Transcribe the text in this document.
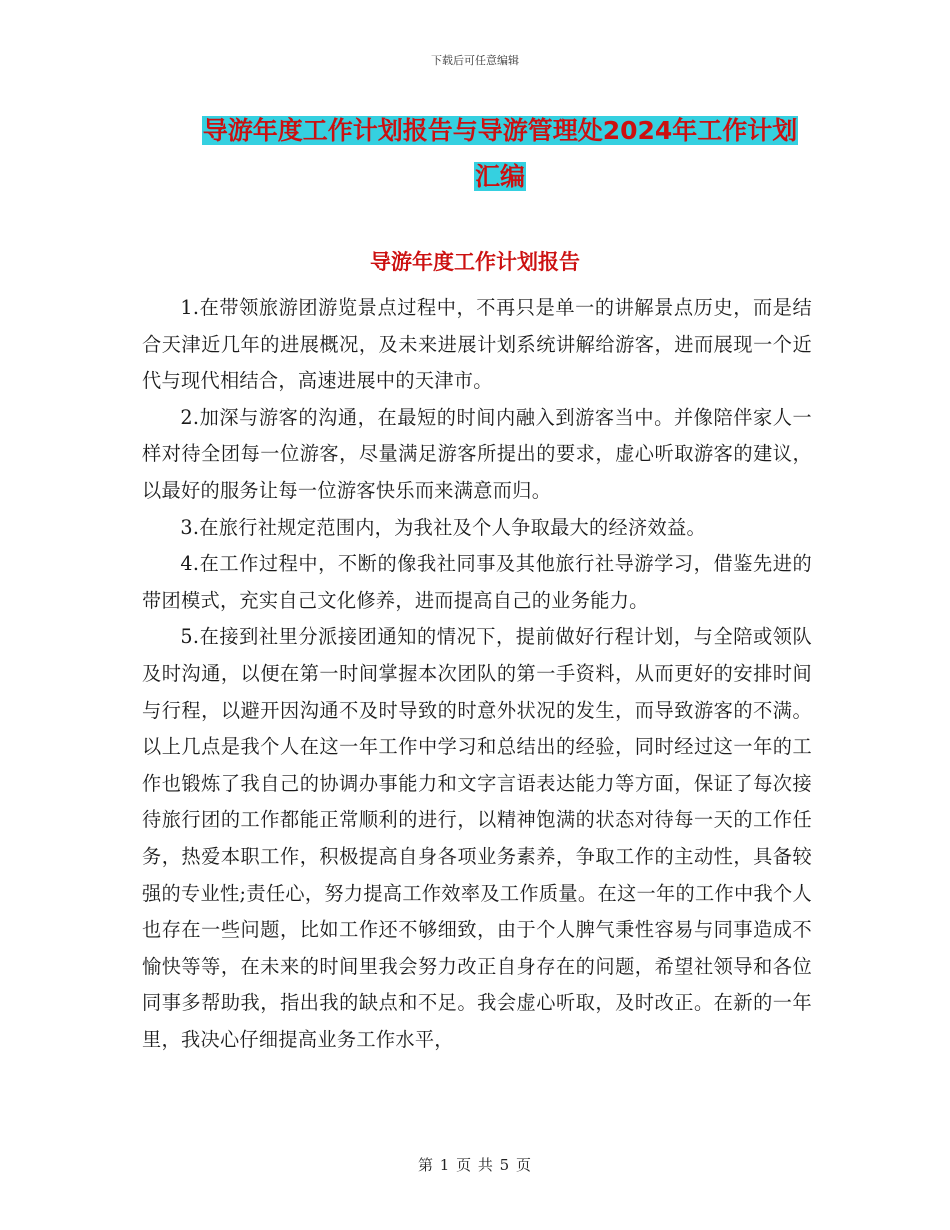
下载后可任意编辑
导游年度工作计划报告与导游管理处2024年工作计划
汇编
导游年度工作计划报告

1.在带领旅游团游览景点过程中，不再只是单一的讲解景点历史，而是结合天津近几年的进展概况，及未来进展计划系统讲解给游客，进而展现一个近代与现代相结合，高速进展中的天津市。

2.加深与游客的沟通，在最短的时间内融入到游客当中。并像陪伴家人一样对待全团每一位游客，尽量满足游客所提出的要求，虚心听取游客的建议，以最好的服务让每一位游客快乐而来满意而归。

3.在旅行社规定范围内，为我社及个人争取最大的经济效益。

4.在工作过程中，不断的像我社同事及其他旅行社导游学习，借鉴先进的带团模式，充实自己文化修养，进而提高自己的业务能力。

5.在接到社里分派接团通知的情况下，提前做好行程计划，与全陪或领队及时沟通，以便在第一时间掌握本次团队的第一手资料，从而更好的安排时间与行程，以避开因沟通不及时导致的时意外状况的发生，而导致游客的不满。以上几点是我个人在这一年工作中学习和总结出的经验，同时经过这一年的工作也锻炼了我自己的协调办事能力和文字言语表达能力等方面，保证了每次接待旅行团的工作都能正常顺利的进行，以精神饱满的状态对待每一天的工作任务，热爱本职工作，积极提高自身各项业务素养，争取工作的主动性，具备较强的专业性;责任心，努力提高工作效率及工作质量。在这一年的工作中我个人也存在一些问题，比如工作还不够细致，由于个人脾气秉性容易与同事造成不愉快等等，在未来的时间里我会努力改正自身存在的问题，希望社领导和各位同事多帮助我，指出我的缺点和不足。我会虚心听取，及时改正。在新的一年里，我决心仔细提高业务工作水平，

第 1 页 共 5 页
